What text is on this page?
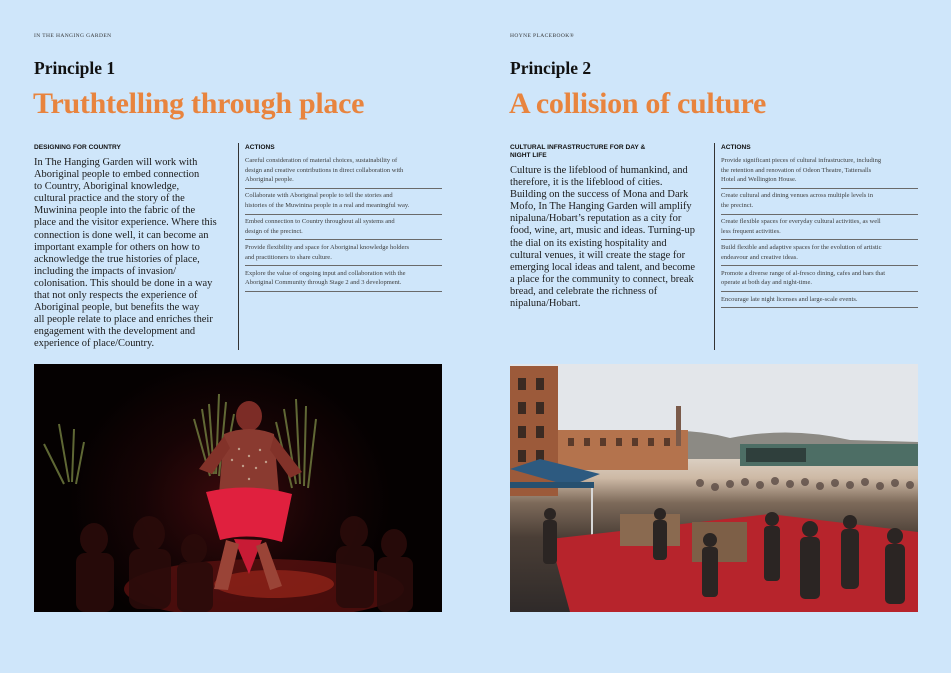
IN THE HANGING GARDEN
Principle 1
Truthtelling through place
DESIGNING FOR COUNTRY
In The Hanging Garden will work with
Aboriginal people to embed connection
to Country, Aboriginal knowledge,
cultural practice and the story of the
Muwinina people into the fabric of the
place and the visitor experience. Where this
connection is done well, it can become an
important example for others on how to
acknowledge the true histories of place,
including the impacts of invasion/
colonisation. This should be done in a way
that not only respects the experience of
Aboriginal people, but benefits the way
all people relate to place and enriches their
engagement with the development and
experience of place/Country.
ACTIONS
Careful consideration of material choices, sustainability of
design and creative contributions in direct collaboration with
Aboriginal people.
Collaborate with Aboriginal people to tell the stories and
histories of the Muwinina people in a real and meaningful way.
Embed connection to Country throughout all systems and
design of the precinct.
Provide flexibility and space for Aboriginal knowledge holders
and practitioners to share culture.
Explore the value of ongoing input and collaboration with the
Aboriginal Community through Stage 2 and 3 development.
HOYNE PLACEBOOK®
Principle 2
A collision of culture
CULTURAL INFRASTRUCTURE FOR DAY &
NIGHT LIFE
Culture is the lifeblood of humankind, and
therefore, it is the lifeblood of cities.
Building on the success of Mona and Dark
Mofo, In The Hanging Garden will amplify
nipaluna/Hobart’s reputation as a city for
food, wine, art, music and ideas. Turning-up
the dial on its existing hospitality and
cultural venues, it will create the stage for
emerging local ideas and talent, and become
a place for the community to connect, break
bread, and celebrate the richness of
nipaluna/Hobart.
ACTIONS
Provide significant pieces of cultural infrastructure, including
the retention and renovation of Odeon Theatre, Tattersalls
Hotel and Wellington House.
Create cultural and dining venues across multiple levels in
the precinct.
Create flexible spaces for everyday cultural activities, as well
less frequent activities.
Build flexible and adaptive spaces for the evolution of artistic
endeavour and creative ideas.
Promote a diverse range of al-fresco dining, cafes and bars that
operate at both day and night-time.
Encourage late night licenses and large-scale events.
